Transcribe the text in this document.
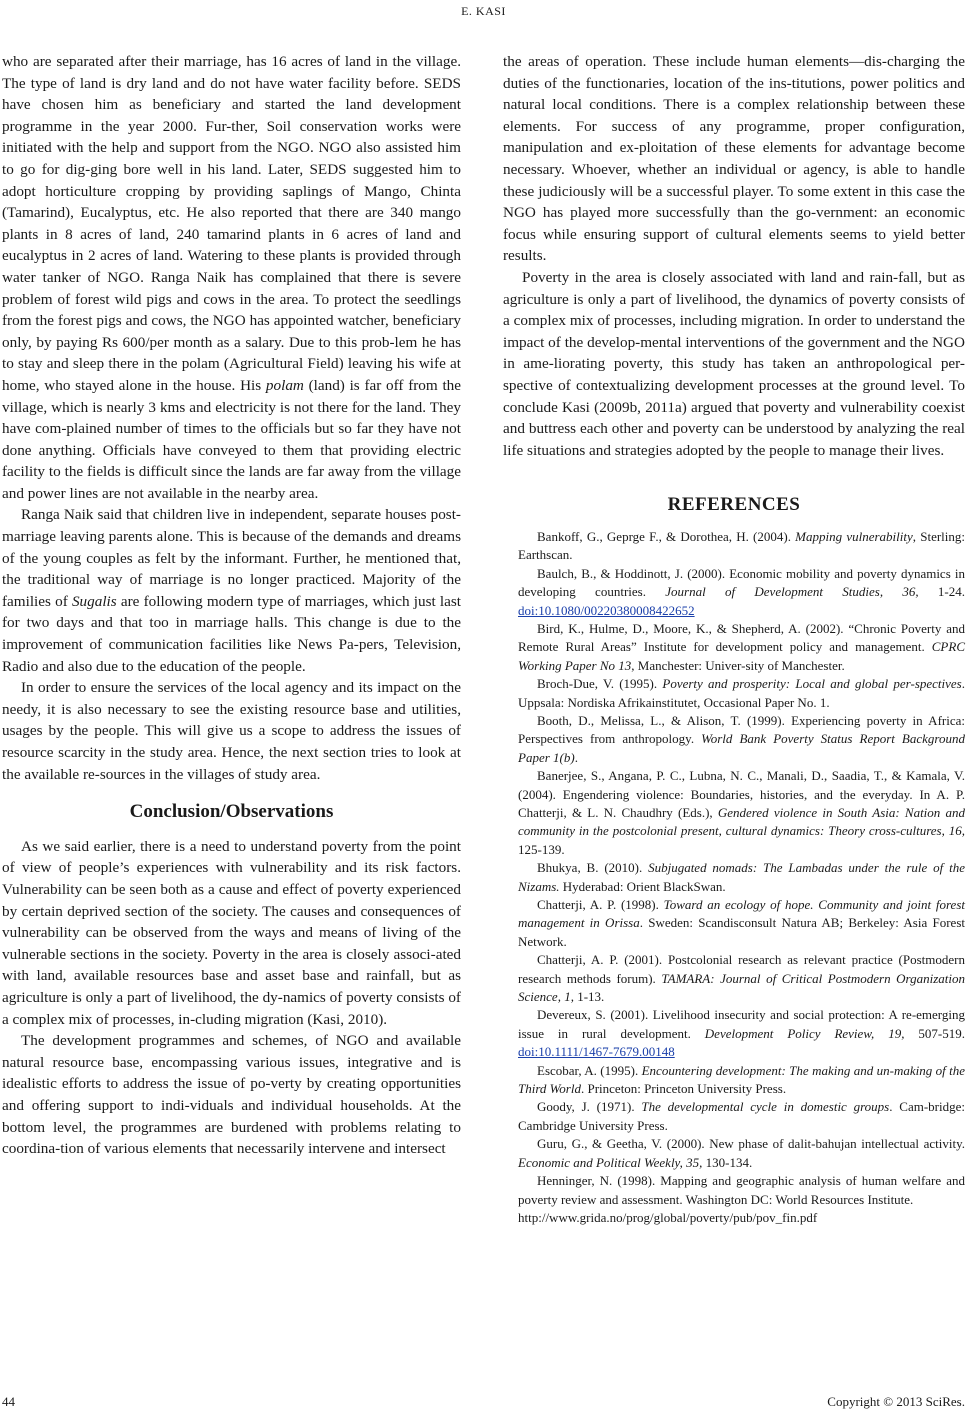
E. KASI

who are separated after their marriage, has 16 acres of land in the village. The type of land is dry land and do not have water facility before. SEDS have chosen him as beneficiary and started the land development programme in the year 2000. Fur-ther, Soil conservation works were initiated with the help and support from the NGO. NGO also assisted him to go for dig-ging bore well in his land. Later, SEDS suggested him to adopt horticulture cropping by providing saplings of Mango, Chinta (Tamarind), Eucalyptus, etc. He also reported that there are 340 mango plants in 8 acres of land, 240 tamarind plants in 6 acres of land and eucalyptus in 2 acres of land. Watering to these plants is provided through water tanker of NGO. Ranga Naik has complained that there is severe problem of forest wild pigs and cows in the area. To protect the seedlings from the forest pigs and cows, the NGO has appointed watcher, beneficiary only, by paying Rs 600/per month as a salary. Due to this prob-lem he has to stay and sleep there in the polam (Agricultural Field) leaving his wife at home, who stayed alone in the house. His polam (land) is far off from the village, which is nearly 3 kms and electricity is not there for the land. They have com-plained number of times to the officials but so far they have not done anything. Officials have conveyed to them that providing electric facility to the fields is difficult since the lands are far away from the village and power lines are not available in the nearby area.

Ranga Naik said that children live in independent, separate houses post-marriage leaving parents alone. This is because of the demands and dreams of the young couples as felt by the informant. Further, he mentioned that, the traditional way of marriage is no longer practiced. Majority of the families of Sugalis are following modern type of marriages, which just last for two days and that too in marriage halls. This change is due to the improvement of communication facilities like News Pa-pers, Television, Radio and also due to the education of the people.

In order to ensure the services of the local agency and its impact on the needy, it is also necessary to see the existing resource base and utilities, usages by the people. This will give us a scope to address the issues of resource scarcity in the study area. Hence, the next section tries to look at the available re-sources in the villages of study area.

Conclusion/Observations

As we said earlier, there is a need to understand poverty from the point of view of people’s experiences with vulnerability and its risk factors. Vulnerability can be seen both as a cause and effect of poverty experienced by certain deprived section of the society. The causes and consequences of vulnerability can be observed from the ways and means of living of the vulnerable sections in the society. Poverty in the area is closely associ-ated with land, available resources base and asset base and rainfall, but as agriculture is only a part of livelihood, the dy-namics of poverty consists of a complex mix of processes, in-cluding migration (Kasi, 2010).

The development programmes and schemes, of NGO and available natural resource base, encompassing various issues, integrative and is idealistic efforts to address the issue of po-verty by creating opportunities and offering support to indi-viduals and individual households. At the bottom level, the programmes are burdened with problems relating to coordina-tion of various elements that necessarily intervene and intersect

the areas of operation. These include human elements—dis-charging the duties of the functionaries, location of the ins-titutions, power politics and natural local conditions. There is a complex relationship between these elements. For success of any programme, proper configuration, manipulation and ex-ploitation of these elements for advantage become necessary. Whoever, whether an individual or agency, is able to handle these judiciously will be a successful player. To some extent in this case the NGO has played more successfully than the go-vernment: an economic focus while ensuring support of cultural elements seems to yield better results.

Poverty in the area is closely associated with land and rain-fall, but as agriculture is only a part of livelihood, the dynamics of poverty consists of a complex mix of processes, including migration. In order to understand the impact of the develop-mental interventions of the government and the NGO in ame-liorating poverty, this study has taken an anthropological per-spective of contextualizing development processes at the ground level. To conclude Kasi (2009b, 2011a) argued that poverty and vulnerability coexist and buttress each other and poverty can be understood by analyzing the real life situations and strategies adopted by the people to manage their lives.

REFERENCES

Bankoff, G., Geprge F., & Dorothea, H. (2004). Mapping vulnerability, Sterling: Earthscan.

Baulch, B., & Hoddinott, J. (2000). Economic mobility and poverty dynamics in developing countries. Journal of Development Studies, 36, 1-24. doi:10.1080/00220380008422652

Bird, K., Hulme, D., Moore, K., & Shepherd, A. (2002). “Chronic Poverty and Remote Rural Areas” Institute for development policy and management. CPRC Working Paper No 13, Manchester: Univer-sity of Manchester.

Broch-Due, V. (1995). Poverty and prosperity: Local and global per-spectives. Uppsala: Nordiska Afrikainstitutet, Occasional Paper No. 1.

Booth, D., Melissa, L., & Alison, T. (1999). Experiencing poverty in Africa: Perspectives from anthropology. World Bank Poverty Status Report Background Paper 1(b).

Banerjee, S., Angana, P. C., Lubna, N. C., Manali, D., Saadia, T., & Kamala, V. (2004). Engendering violence: Boundaries, histories, and the everyday. In A. P. Chatterji, & L. N. Chaudhry (Eds.), Gendered violence in South Asia: Nation and community in the postcolonial present, cultural dynamics: Theory cross-cultures, 16, 125-139.

Bhukya, B. (2010). Subjugated nomads: The Lambadas under the rule of the Nizams. Hyderabad: Orient BlackSwan.

Chatterji, A. P. (1998). Toward an ecology of hope. Community and joint forest management in Orissa. Sweden: Scandisconsult Natura AB; Berkeley: Asia Forest Network.

Chatterji, A. P. (2001). Postcolonial research as relevant practice (Postmodern research methods forum). TAMARA: Journal of Critical Postmodern Organization Science, 1, 1-13.

Devereux, S. (2001). Livelihood insecurity and social protection: A re-emerging issue in rural development. Development Policy Review, 19, 507-519. doi:10.1111/1467-7679.00148

Escobar, A. (1995). Encountering development: The making and un-making of the Third World. Princeton: Princeton University Press.

Goody, J. (1971). The developmental cycle in domestic groups. Cam-bridge: Cambridge University Press.

Guru, G., & Geetha, V. (2000). New phase of dalit-bahujan intellectual activity. Economic and Political Weekly, 35, 130-134.

Henninger, N. (1998). Mapping and geographic analysis of human welfare and poverty review and assessment. Washington DC: World Resources Institute.
http://www.grida.no/prog/global/poverty/pub/pov_fin.pdf

44	Copyright © 2013 SciRes.
